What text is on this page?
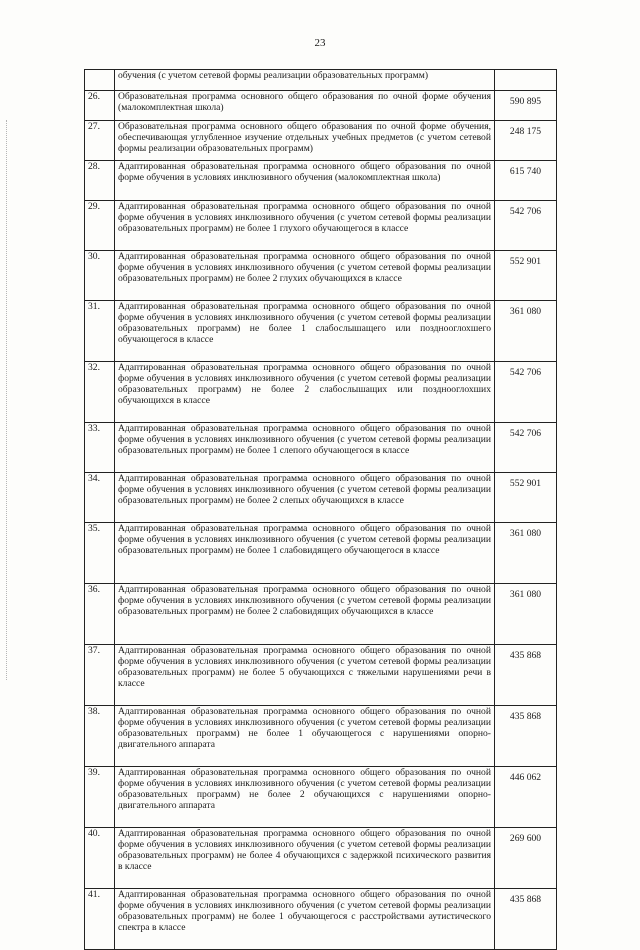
23
	обучения (с учетом сетевой формы реализации образовательных программ)	
26.	Образовательная программа основного общего образования по очной форме обучения (малокомплектная школа)	590 895
27.	Образовательная программа основного общего образования по очной форме обучения, обеспечивающая углубленное изучение отдельных учебных предметов (с учетом сетевой формы реализации образовательных программ)	248 175
28.	Адаптированная образовательная программа основного общего образования по очной форме обучения в условиях инклюзивного обучения (малокомплектная школа)	615 740
29.	Адаптированная образовательная программа основного общего образования по очной форме обучения в условиях инклюзивного обучения (с учетом сетевой формы реализации образовательных программ) не более 1 глухого обучающегося в классе	542 706
30.	Адаптированная образовательная программа основного общего образования по очной форме обучения в условиях инклюзивного обучения (с учетом сетевой формы реализации образовательных программ) не более 2 глухих обучающихся в классе	552 901
31.	Адаптированная образовательная программа основного общего образования по очной форме обучения в условиях инклюзивного обучения (с учетом сетевой формы реализации образовательных программ) не более 1 слабослышащего или позднооглохшего обучающегося в классе	361 080
32.	Адаптированная образовательная программа основного общего образования по очной форме обучения в условиях инклюзивного обучения (с учетом сетевой формы реализации образовательных программ) не более 2 слабослышащих или позднооглохших обучающихся в классе	542 706
33.	Адаптированная образовательная программа основного общего образования по очной форме обучения в условиях инклюзивного обучения (с учетом сетевой формы реализации образовательных программ) не более 1 слепого обучающегося в классе	542 706
34.	Адаптированная образовательная программа основного общего образования по очной форме обучения в условиях инклюзивного обучения (с учетом сетевой формы реализации образовательных программ) не более 2 слепых обучающихся в классе	552 901
35.	Адаптированная образовательная программа основного общего образования по очной форме обучения в условиях инклюзивного обучения (с учетом сетевой формы реализации образовательных программ) не более 1 слабовидящего обучающегося в классе	361 080
36.	Адаптированная образовательная программа основного общего образования по очной форме обучения в условиях инклюзивного обучения (с учетом сетевой формы реализации образовательных программ) не более 2 слабовидящих обучающихся в классе	361 080
37.	Адаптированная образовательная программа основного общего образования по очной форме обучения в условиях инклюзивного обучения (с учетом сетевой формы реализации образовательных программ) не более 5 обучающихся с тяжелыми нарушениями речи в классе	435 868
38.	Адаптированная образовательная программа основного общего образования по очной форме обучения в условиях инклюзивного обучения (с учетом сетевой формы реализации образовательных программ) не более 1 обучающегося с нарушениями опорно-двигательного аппарата	435 868
39.	Адаптированная образовательная программа основного общего образования по очной форме обучения в условиях инклюзивного обучения (с учетом сетевой формы реализации образовательных программ) не более 2 обучающихся с нарушениями опорно-двигательного аппарата	446 062
40.	Адаптированная образовательная программа основного общего образования по очной форме обучения в условиях инклюзивного обучения (с учетом сетевой формы реализации образовательных программ) не более 4 обучающихся с задержкой психического развития в классе	269 600
41.	Адаптированная образовательная программа основного общего образования по очной форме обучения в условиях инклюзивного обучения (с учетом сетевой формы реализации образовательных программ) не более 1 обучающегося с расстройствами аутистического спектра в классе	435 868
